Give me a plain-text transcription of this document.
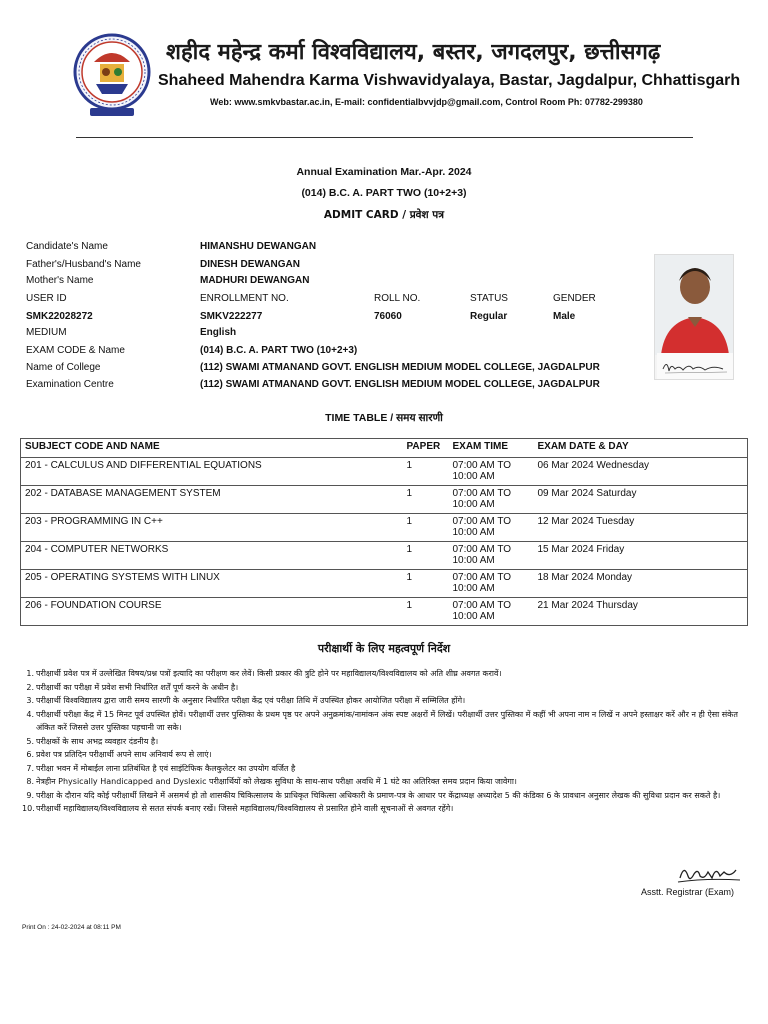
शहीद महेन्द्र कर्मा विश्वविद्यालय, बस्तर, जगदलपुर, छत्तीसगढ़
Shaheed Mahendra Karma Vishwavidyalaya, Bastar, Jagdalpur, Chhattisgarh
Web: www.smkvbastar.ac.in, E-mail: confidentialbvvjdp@gmail.com, Control Room Ph: 07782-299380
Annual Examination Mar.-Apr. 2024
(014) B.C. A. PART TWO (10+2+3)
ADMIT CARD / प्रवेश पत्र
Candidate's Name	HIMANSHU DEWANGAN
Father's/Husband's Name	DINESH DEWANGAN
Mother's Name	MADHURI DEWANGAN
USER ID	ENROLLMENT NO.	ROLL NO.	STATUS	GENDER
SMK22028272	SMKV222277	76060	Regular	Male
MEDIUM	English
EXAM CODE & Name	(014) B.C. A. PART TWO (10+2+3)
Name of College	(112) SWAMI ATMANAND GOVT. ENGLISH MEDIUM MODEL COLLEGE, JAGDALPUR
Examination Centre	(112) SWAMI ATMANAND GOVT. ENGLISH MEDIUM MODEL COLLEGE, JAGDALPUR
TIME TABLE / समय सारणी
SUBJECT CODE AND NAME	PAPER	EXAM TIME	EXAM DATE & DAY
201 - CALCULUS AND DIFFERENTIAL EQUATIONS	1	07:00 AM TO
10:00 AM	06 Mar 2024 Wednesday
202 - DATABASE MANAGEMENT SYSTEM	1	07:00 AM TO
10:00 AM	09 Mar 2024 Saturday
203 - PROGRAMMING IN C++	1	07:00 AM TO
10:00 AM	12 Mar 2024 Tuesday
204 - COMPUTER NETWORKS	1	07:00 AM TO
10:00 AM	15 Mar 2024 Friday
205 - OPERATING SYSTEMS WITH LINUX	1	07:00 AM TO
10:00 AM	18 Mar 2024 Monday
206 - FOUNDATION COURSE	1	07:00 AM TO
10:00 AM	21 Mar 2024 Thursday
परीक्षार्थी के लिए महत्वपूर्ण निर्देश
1. परीक्षार्थी प्रवेश पत्र में उल्लेखित विषय/प्रश्न पत्रों इत्यादि का परीक्षण कर लेवें। किसी प्रकार की त्रुटि होने पर महाविद्यालय/विश्वविद्यालय को अति शीघ्र अवगत करावें।
2. परीक्षार्थी का परीक्षा में प्रवेश सभी निर्धारित शर्तें पूर्ण करने के अधीन है।
3. परीक्षार्थी विश्वविद्यालय द्वारा जारी समय सारणी के अनुसार निर्धारित परीक्षा केंद्र एवं परीक्षा तिथि में उपस्थित होकर आयोजित परीक्षा में सम्मिलित होंगे।
4. परीक्षार्थी परीक्षा केंद्र में 15 मिनट पूर्व उपस्थित होवें। परीक्षार्थी उत्तर पुस्तिका के प्रथम पृष्ठ पर अपने अनुक्रमांक/नामांकन अंक स्पष्ट अक्षरों में लिखें। परीक्षार्थी उत्तर पुस्तिका में कहीं भी अपना नाम न लिखें न अपने हस्ताक्षर करें और न ही ऐसा संकेत अंकित करें जिससे उत्तर पुस्तिका पहचानी जा सके।
5. परीक्षकों के साथ अभद्र व्यवहार दंडनीय है।
6. प्रवेश पत्र प्रतिदिन परीक्षार्थी अपने साथ अनिवार्य रूप से लाएं।
7. परीक्षा भवन में मोबाईल लाना प्रतिबंधित है एवं साइंटिफिक कैलकुलेटर का उपयोग वर्जित है
8. नेत्रहीन Physically Handicapped and Dyslexic परीक्षार्थियों को लेखक सुविधा के साथ-साथ परीक्षा अवधि में 1 घंटे का अतिरिक्त समय प्रदान किया जावेगा।
9. परीक्षा के दौरान यदि कोई परीक्षार्थी लिखने में असमर्थ हो तो शासकीय चिकित्सालय के प्राधिकृत चिकित्सा अधिकारी के प्रमाण-पत्र के आधार पर केंद्राध्यक्ष अध्यादेश 5 की कंडिका 6 के प्रावधान अनुसार लेखक की सुविधा प्रदान कर सकते है।
10. परीक्षार्थी महाविद्यालय/विश्वविद्यालय से सतत संपर्क बनाए रखें। जिससे महाविद्यालय/विश्वविद्यालय से प्रसारित होने वाली सूचनाओं से अवगत रहेंगे।
Asstt. Registrar (Exam)
Print On : 24-02-2024 at 08:11 PM
